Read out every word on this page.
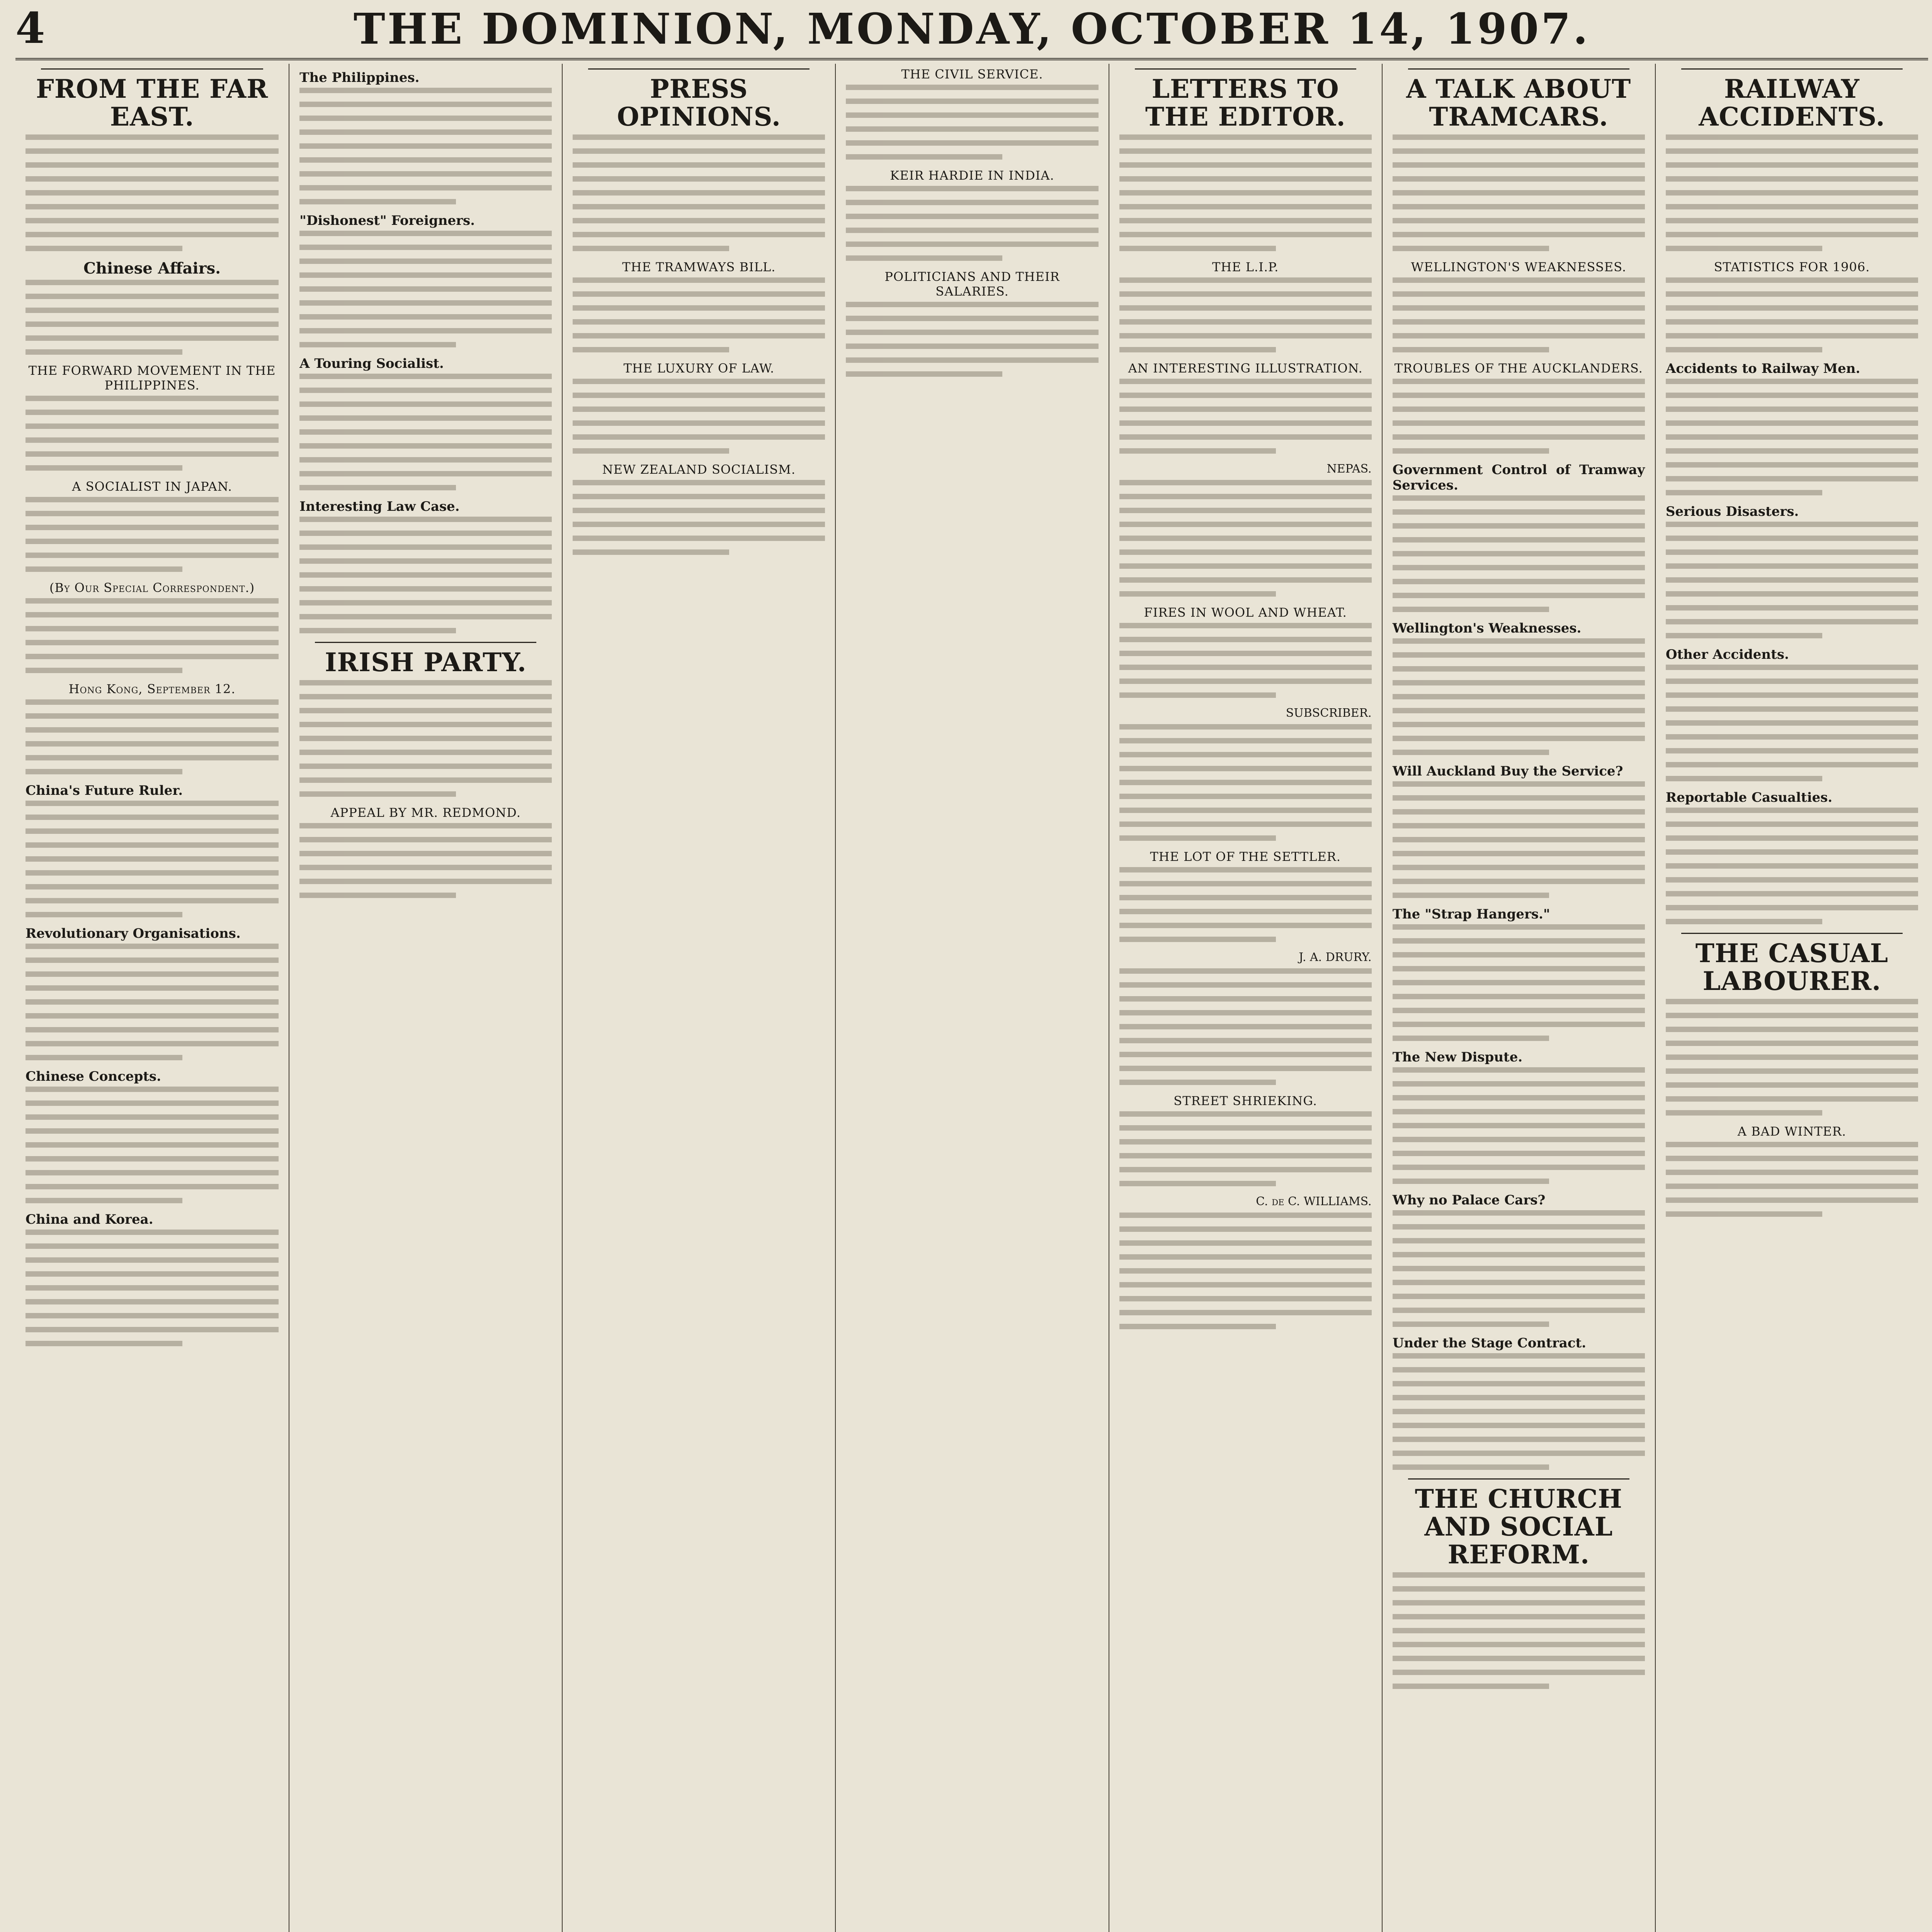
4	THE DOMINION, MONDAY, OCTOBER 14, 1907.
FROM THE FAR EAST.

Chinese Affairs.

THE FORWARD MOVEMENT IN THE PHILIPPINES.

A SOCIALIST IN JAPAN.

(By Our Special Correspondent.)

Hong Kong, September 12.

China's Future Ruler.

Revolutionary Organisations.

Chinese Concepts.

China and Korea.

The Philippines.

"Dishonest" Foreigners.

A Touring Socialist.

Interesting Law Case.

IRISH PARTY.

APPEAL BY MR. REDMOND.

PRESS OPINIONS.

THE TRAMWAYS BILL.

THE LUXURY OF LAW.

NEW ZEALAND SOCIALISM.

THE CIVIL SERVICE.

KEIR HARDIE IN INDIA.

POLITICIANS AND THEIR SALARIES.

LETTERS TO THE EDITOR.

THE L.I.P.

AN INTERESTING ILLUSTRATION.

NEPAS.

FIRES IN WOOL AND WHEAT.

SUBSCRIBER.

THE LOT OF THE SETTLER.

J. A. DRURY.

STREET SHRIEKING.

C. de C. WILLIAMS.

A TALK ABOUT TRAMCARS.

WELLINGTON'S WEAKNESSES.

TROUBLES OF THE AUCKLANDERS.

Government Control of Tramway Services.

Wellington's Weaknesses.

Will Auckland Buy the Service?

The "Strap Hangers."

The New Dispute.

Why no Palace Cars?

Under the Stage Contract.

THE CHURCH AND SOCIAL REFORM.

RAILWAY ACCIDENTS.

STATISTICS FOR 1906.

Accidents to Railway Men.

Serious Disasters.

Other Accidents.

Reportable Casualties.

THE CASUAL LABOURER.

A BAD WINTER.
